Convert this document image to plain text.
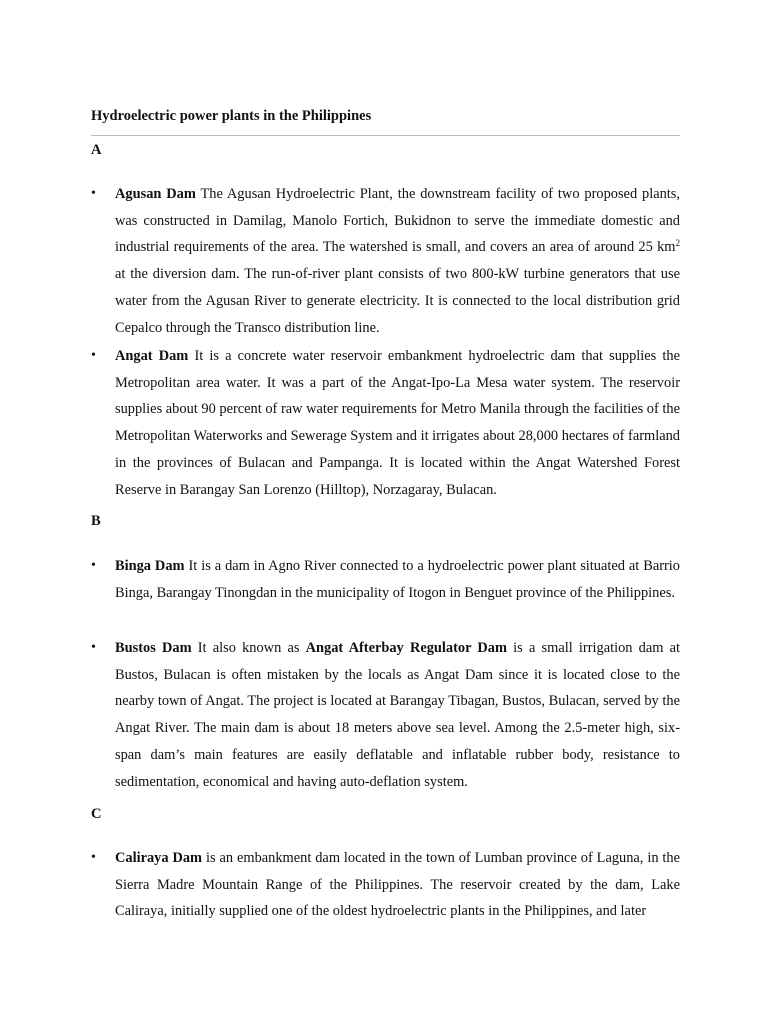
Hydroelectric power plants in the Philippines
A
•	Agusan Dam The Agusan Hydroelectric Plant, the downstream facility of two proposed plants, was constructed in Damilag, Manolo Fortich, Bukidnon to serve the immediate domestic and industrial requirements of the area. The watershed is small, and covers an area of around 25 $km^2$ at the diversion dam. The run-of-river plant consists of two 800-kW turbine generators that use water from the Agusan River to generate electricity. It is connected to the local distribution grid Cepalco through the Transco distribution line.
•	Angat Dam It is a concrete water reservoir embankment hydroelectric dam that supplies the Metropolitan area water. It was a part of the Angat-Ipo-La Mesa water system. The reservoir supplies about 90 percent of raw water requirements for Metro Manila through the facilities of the Metropolitan Waterworks and Sewerage System and it irrigates about 28,000 hectares of farmland in the provinces of Bulacan and Pampanga. It is located within the Angat Watershed Forest Reserve in Barangay San Lorenzo (Hilltop), Norzagaray, Bulacan.
B
•	Binga Dam It is a dam in Agno River connected to a hydroelectric power plant situated at Barrio Binga, Barangay Tinongdan in the municipality of Itogon in Benguet province of the Philippines.
•	Bustos Dam It also known as Angat Afterbay Regulator Dam is a small irrigation dam at Bustos, Bulacan is often mistaken by the locals as Angat Dam since it is located close to the nearby town of Angat. The project is located at Barangay Tibagan, Bustos, Bulacan, served by the Angat River. The main dam is about 18 meters above sea level. Among the 2.5-meter high, six-span dam’s main features are easily deflatable and inflatable rubber body, resistance to sedimentation, economical and having auto-deflation system.
C
•	Caliraya Dam is an embankment dam located in the town of Lumban province of Laguna, in the Sierra Madre Mountain Range of the Philippines. The reservoir created by the dam, Lake Caliraya, initially supplied one of the oldest hydroelectric plants in the Philippines, and later
